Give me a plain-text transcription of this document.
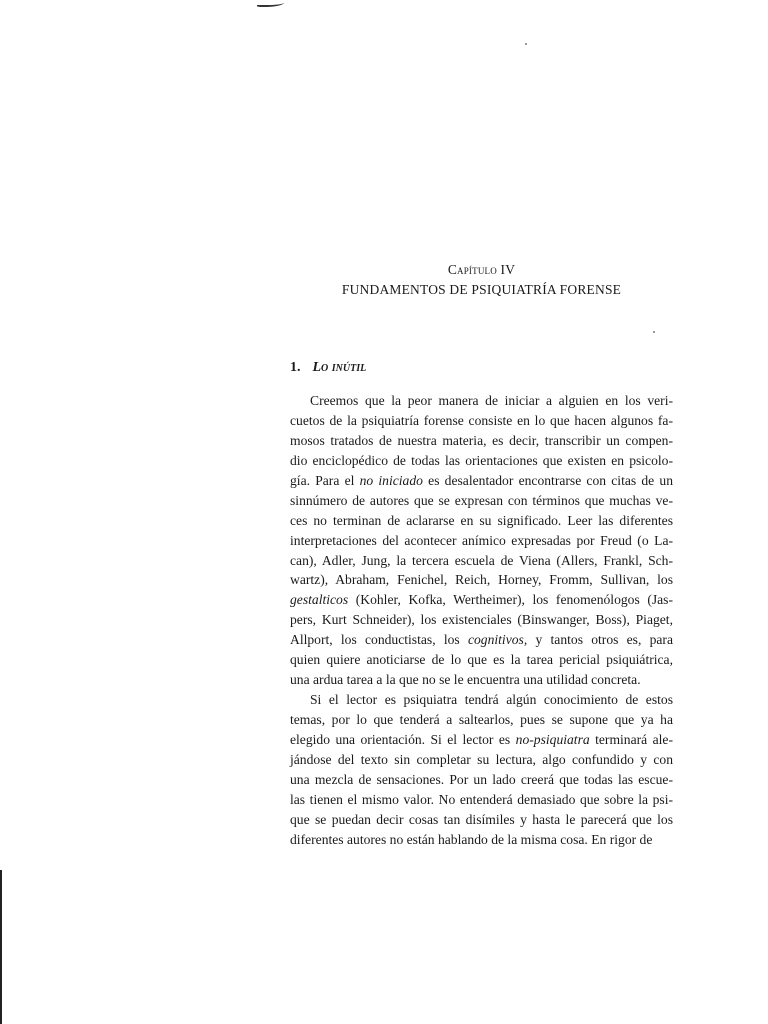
Capítulo IV
FUNDAMENTOS DE PSIQUIATRÍA FORENSE
1. Lo inútil
Creemos que la peor manera de iniciar a alguien en los veri-
cuetos de la psiquiatría forense consiste en lo que hacen algunos fa-
mosos tratados de nuestra materia, es decir, transcribir un compen-
dio enciclopédico de todas las orientaciones que existen en psicolo-
gía. Para el no iniciado es desalentador encontrarse con citas de un
sinnúmero de autores que se expresan con términos que muchas ve-
ces no terminan de aclararse en su significado. Leer las diferentes
interpretaciones del acontecer anímico expresadas por Freud (o La-
can), Adler, Jung, la tercera escuela de Viena (Allers, Frankl, Sch-
wartz), Abraham, Fenichel, Reich, Horney, Fromm, Sullivan, los
gestalticos (Kohler, Kofka, Wertheimer), los fenomenólogos (Jas-
pers, Kurt Schneider), los existenciales (Binswanger, Boss), Piaget,
Allport, los conductistas, los cognitivos, y tantos otros es, para
quien quiere anoticiarse de lo que es la tarea pericial psiquiátrica,
una ardua tarea a la que no se le encuentra una utilidad concreta.
Si el lector es psiquiatra tendrá algún conocimiento de estos
temas, por lo que tenderá a saltearlos, pues se supone que ya ha
elegido una orientación. Si el lector es no-psiquiatra terminará ale-
jándose del texto sin completar su lectura, algo confundido y con
una mezcla de sensaciones. Por un lado creerá que todas las escue-
las tienen el mismo valor. No entenderá demasiado que sobre la psi-
que se puedan decir cosas tan disímiles y hasta le parecerá que los
diferentes autores no están hablando de la misma cosa. En rigor de
